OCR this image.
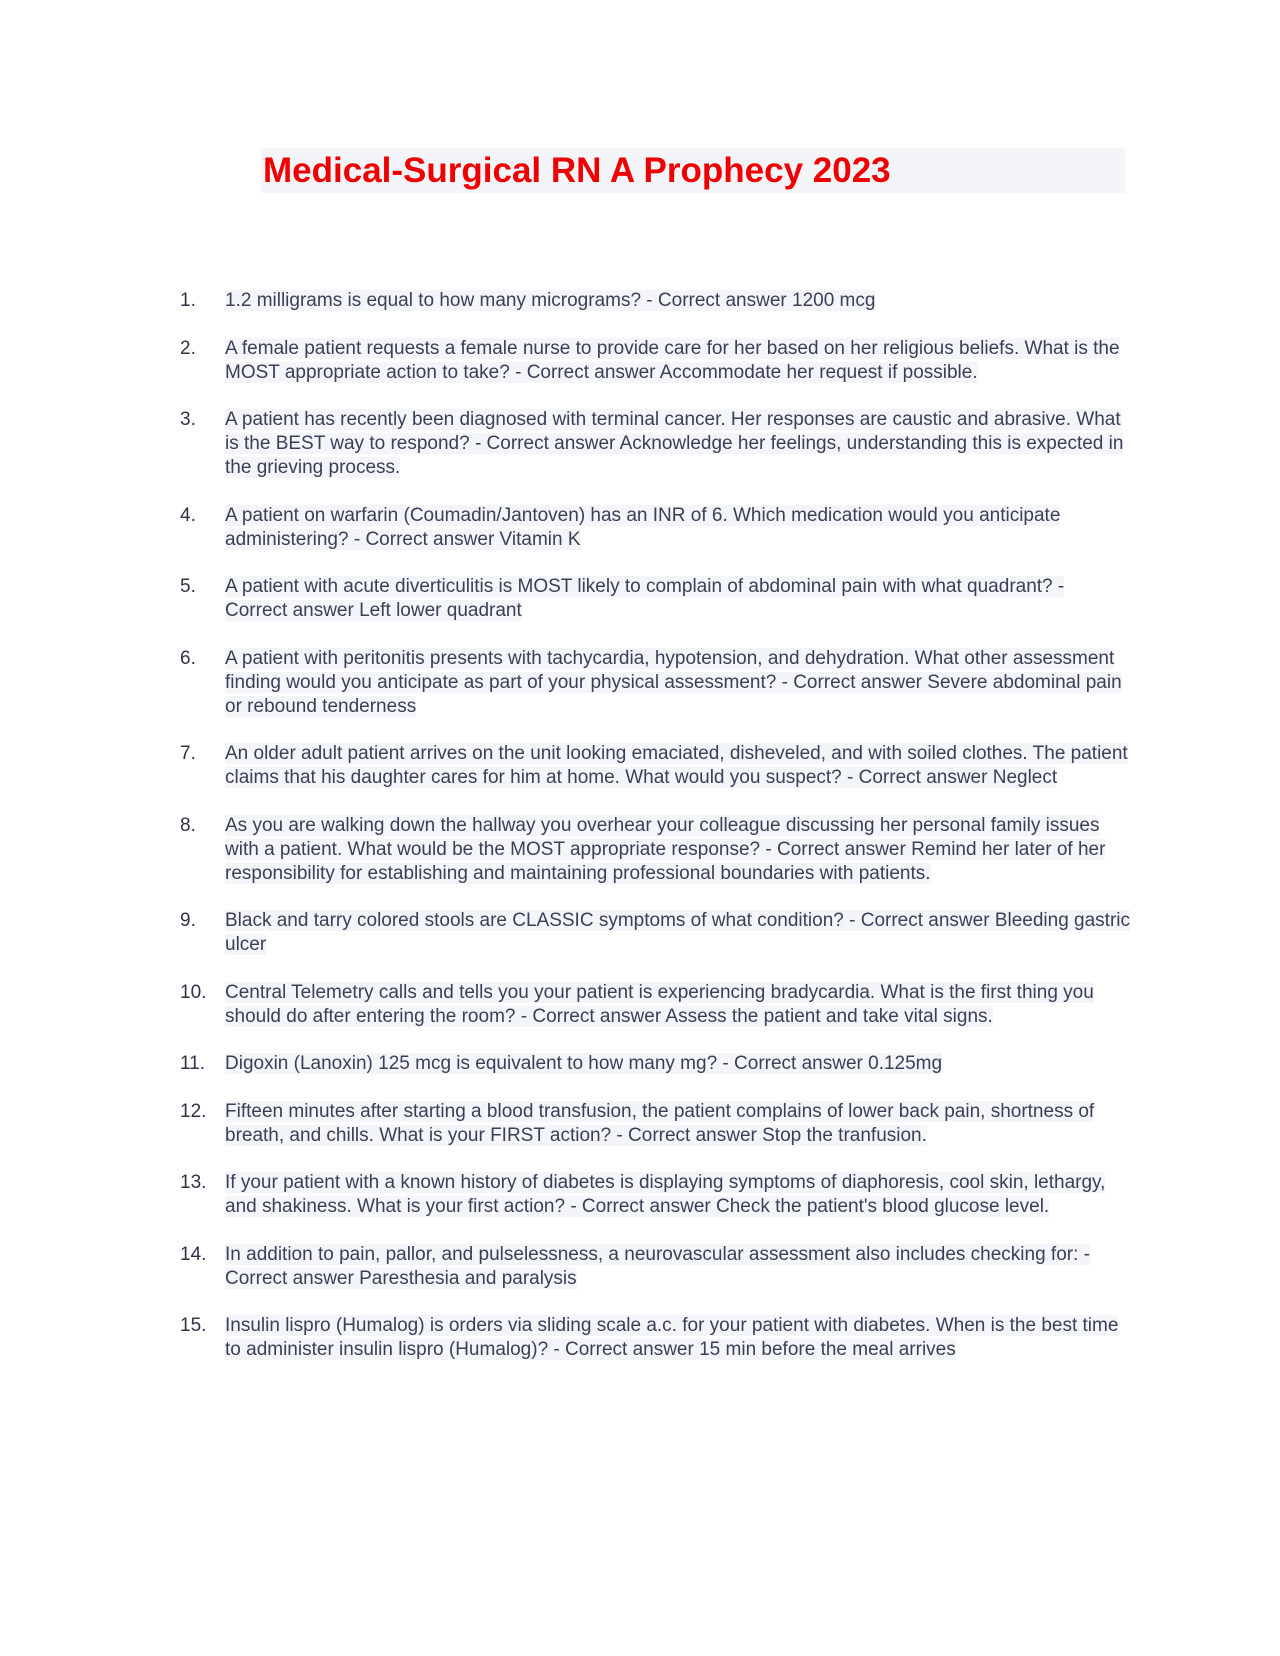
Medical-Surgical RN A Prophecy 2023
1.	1.2 milligrams is equal to how many micrograms? - Correct answer 1200 mcg
2.	A female patient requests a female nurse to provide care for her based on her religious beliefs. What is the MOST appropriate action to take? - Correct answer Accommodate her request if possible.
3.	A patient has recently been diagnosed with terminal cancer. Her responses are caustic and abrasive. What is the BEST way to respond? - Correct answer Acknowledge her feelings, understanding this is expected in the grieving process.
4.	A patient on warfarin (Coumadin/Jantoven) has an INR of 6. Which medication would you anticipate administering? - Correct answer Vitamin K
5.	A patient with acute diverticulitis is MOST likely to complain of abdominal pain with what quadrant? - Correct answer Left lower quadrant
6.	A patient with peritonitis presents with tachycardia, hypotension, and dehydration. What other assessment finding would you anticipate as part of your physical assessment? - Correct answer Severe abdominal pain or rebound tenderness
7.	An older adult patient arrives on the unit looking emaciated, disheveled, and with soiled clothes. The patient claims that his daughter cares for him at home. What would you suspect? - Correct answer Neglect
8.	As you are walking down the hallway you overhear your colleague discussing her personal family issues with a patient. What would be the MOST appropriate response? - Correct answer Remind her later of her responsibility for establishing and maintaining professional boundaries with patients.
9.	Black and tarry colored stools are CLASSIC symptoms of what condition? - Correct answer Bleeding gastric ulcer
10. Central Telemetry calls and tells you your patient is experiencing bradycardia. What is the first thing you should do after entering the room? - Correct answer Assess the patient and take vital signs.
11.	Digoxin (Lanoxin) 125 mcg is equivalent to how many mg? - Correct answer 0.125mg
12. Fifteen minutes after starting a blood transfusion, the patient complains of lower back pain, shortness of breath, and chills. What is your FIRST action? - Correct answer Stop the tranfusion.
13. If your patient with a known history of diabetes is displaying symptoms of diaphoresis, cool skin, lethargy, and shakiness. What is your first action? - Correct answer Check the patient's blood glucose level.
14. In addition to pain, pallor, and pulselessness, a neurovascular assessment also includes checking for: - Correct answer Paresthesia and paralysis
15. Insulin lispro (Humalog) is orders via sliding scale a.c. for your patient with diabetes. When is the best time to administer insulin lispro (Humalog)? - Correct answer 15 min before the meal arrives
